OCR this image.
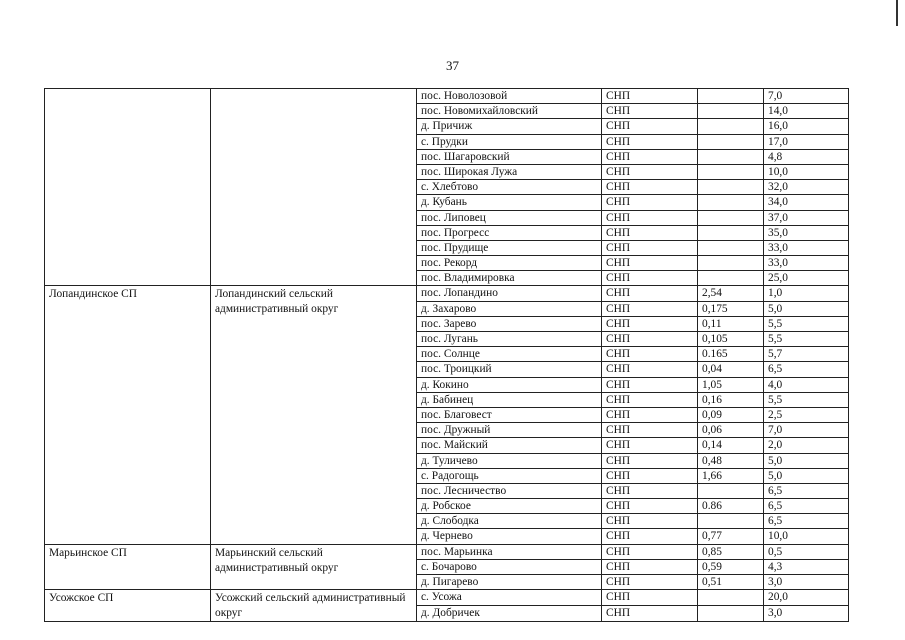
37
		пос. Новолозовой	СНП		7,0
		пос. Новомихайловский	СНП		14,0
		д. Причиж	СНП		16,0
		с. Прудки	СНП		17,0
		пос. Шагаровский	СНП		4,8
		пос. Широкая Лужа	СНП		10,0
		с. Хлебтово	СНП		32,0
		д. Кубань	СНП		34,0
		пос. Липовец	СНП		37,0
		пос. Прогресс	СНП		35,0
		пос. Прудище	СНП		33,0
		пос. Рекорд	СНП		33,0
		пос. Владимировка	СНП		25,0
Лопандинское СП	Лопандинский сельский административный округ	пос. Лопандино	СНП	2,54	1,0
		д. Захарово	СНП	0,175	5,0
		пос. Зарево	СНП	0,11	5,5
		пос. Лугань	СНП	0,105	5,5
		пос. Солнце	СНП	0.165	5,7
		пос. Троицкий	СНП	0,04	6,5
		д. Кокино	СНП	1,05	4,0
		д. Бабинец	СНП	0,16	5,5
		пос. Благовест	СНП	0,09	2,5
		пос. Дружный	СНП	0,06	7,0
		пос. Майский	СНП	0,14	2,0
		д. Туличево	СНП	0,48	5,0
		с. Радогощь	СНП	1,66	5,0
		пос. Лесничество	СНП		6,5
		д. Робское	СНП	0.86	6,5
		д. Слободка	СНП		6,5
		д. Чернево	СНП	0,77	10,0
Марьинское СП	Марьинский сельский административный округ	пос. Марьинка	СНП	0,85	0,5
		с. Бочарово	СНП	0,59	4,3
		д. Пигарево	СНП	0,51	3,0
Усожское СП	Усожский сельский административный округ	с. Усожа	СНП		20,0
		д. Добричек	СНП		3,0
